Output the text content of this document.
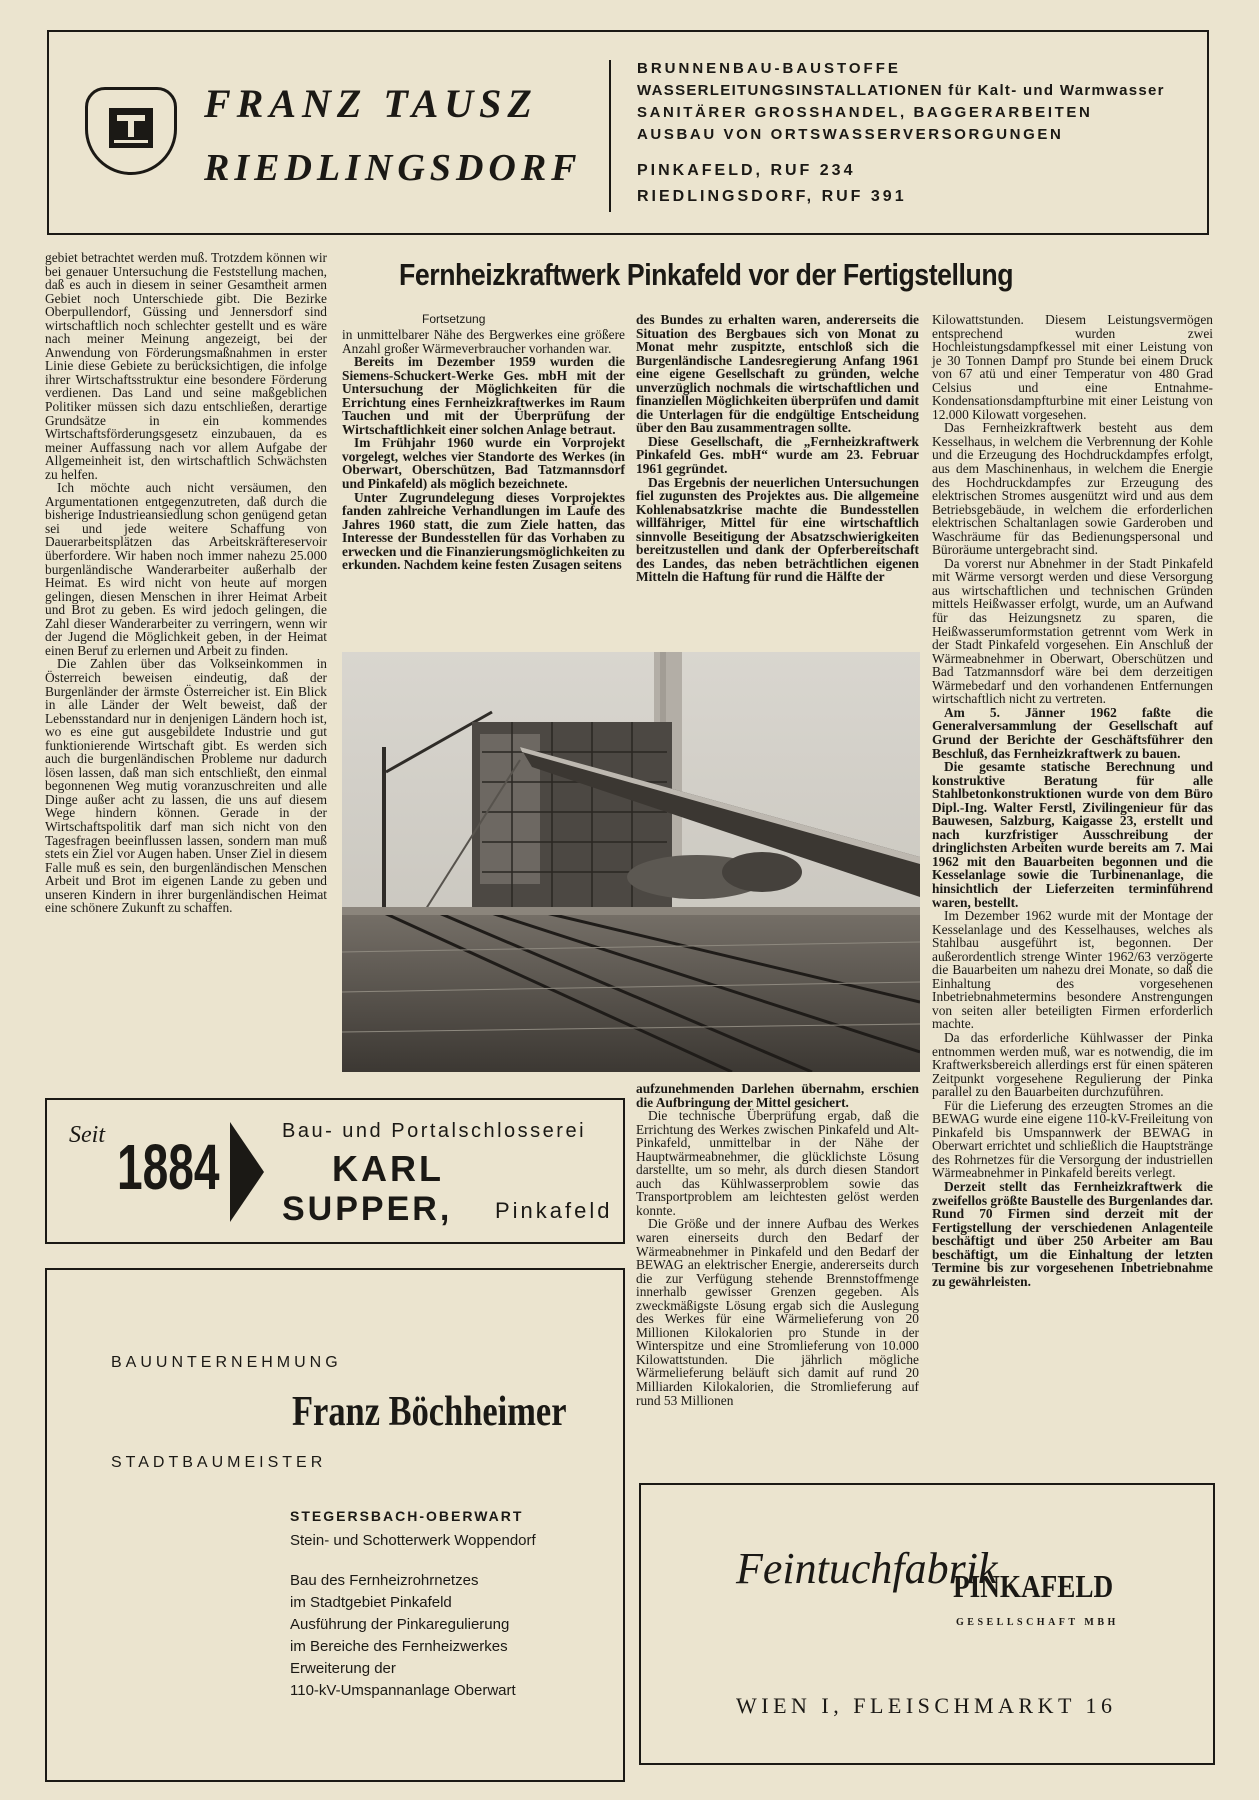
FRANZ TAUSZ
RIEDLINGSDORF
BRUNNENBAU-BAUSTOFFE
WASSERLEITUNGSINSTALLATIONEN für Kalt- und Warmwasser
SANITÄRER GROSSHANDEL, BAGGERARBEITEN
AUSBAU VON ORTSWASSERVERSORGUNGEN
PINKAFELD, RUF 234
RIEDLINGSDORF, RUF 391
Fernheizkraftwerk Pinkafeld vor der Fertigstellung
Fortsetzung

gebiet betrachtet werden muß. Trotzdem können wir bei genauer Untersuchung die Feststellung machen, daß es auch in diesem in seiner Gesamtheit armen Gebiet noch Unterschiede gibt. Die Bezirke Oberpullendorf, Güssing und Jennersdorf sind wirtschaftlich noch schlechter gestellt und es wäre nach meiner Meinung angezeigt, bei der Anwendung von Förderungsmaßnahmen in erster Linie diese Gebiete zu berücksichtigen, die infolge ihrer Wirtschaftsstruktur eine besondere Förderung verdienen. Das Land und seine maßgeblichen Politiker müssen sich dazu entschließen, derartige Grundsätze in ein kommendes Wirtschaftsförderungsgesetz einzubauen, da es meiner Auffassung nach vor allem Aufgabe der Allgemeinheit ist, den wirtschaftlich Schwächsten zu helfen.

Ich möchte auch nicht versäumen, den Argumentationen entgegenzutreten, daß durch die bisherige Industrieansiedlung schon genügend getan sei und jede weitere Schaffung von Dauerarbeitsplätzen das Arbeitskräftereservoir überfordere. Wir haben noch immer nahezu 25.000 burgenländische Wanderarbeiter außerhalb der Heimat. Es wird nicht von heute auf morgen gelingen, diesen Menschen in ihrer Heimat Arbeit und Brot zu geben. Es wird jedoch gelingen, die Zahl dieser Wanderarbeiter zu verringern, wenn wir der Jugend die Möglichkeit geben, in der Heimat einen Beruf zu erlernen und Arbeit zu finden.

Die Zahlen über das Volkseinkommen in Österreich beweisen eindeutig, daß der Burgenländer der ärmste Österreicher ist. Ein Blick in alle Länder der Welt beweist, daß der Lebensstandard nur in denjenigen Ländern hoch ist, wo es eine gut ausgebildete Industrie und gut funktionierende Wirtschaft gibt. Es werden sich auch die burgenländischen Probleme nur dadurch lösen lassen, daß man sich entschließt, den einmal begonnenen Weg mutig voranzuschreiten und alle Dinge außer acht zu lassen, die uns auf diesem Wege hindern können. Gerade in der Wirtschaftspolitik darf man sich nicht von den Tagesfragen beeinflussen lassen, sondern man muß stets ein Ziel vor Augen haben. Unser Ziel in diesem Falle muß es sein, den burgenländischen Menschen Arbeit und Brot im eigenen Lande zu geben und unseren Kindern in ihrer burgenländischen Heimat eine schönere Zukunft zu schaffen.

in unmittelbarer Nähe des Bergwerkes eine größere Anzahl großer Wärmeverbraucher vorhanden war.

Bereits im Dezember 1959 wurden die Siemens-Schuckert-Werke Ges. mbH mit der Untersuchung der Möglichkeiten für die Errichtung eines Fernheizkraftwerkes im Raum Tauchen und mit der Überprüfung der Wirtschaftlichkeit einer solchen Anlage betraut.

Im Frühjahr 1960 wurde ein Vorprojekt vorgelegt, welches vier Standorte des Werkes (in Oberwart, Oberschützen, Bad Tatzmannsdorf und Pinkafeld) als möglich bezeichnete.

Unter Zugrundelegung dieses Vorprojektes fanden zahlreiche Verhandlungen im Laufe des Jahres 1960 statt, die zum Ziele hatten, das Interesse der Bundesstellen für das Vorhaben zu erwecken und die Finanzierungsmöglichkeiten zu erkunden. Nachdem keine festen Zusagen seitens

des Bundes zu erhalten waren, andererseits die Situation des Bergbaues sich von Monat zu Monat mehr zuspitzte, entschloß sich die Burgenländische Landesregierung Anfang 1961 eine eigene Gesellschaft zu gründen, welche unverzüglich nochmals die wirtschaftlichen und finanziellen Möglichkeiten überprüfen und damit die Unterlagen für die endgültige Entscheidung über den Bau zusammentragen sollte.

Diese Gesellschaft, die „Fernheizkraftwerk Pinkafeld Ges. mbH“ wurde am 23. Februar 1961 gegründet.

Das Ergebnis der neuerlichen Untersuchungen fiel zugunsten des Projektes aus. Die allgemeine Kohlenabsatzkrise machte die Bundesstellen willfähriger, Mittel für eine wirtschaftlich sinnvolle Beseitigung der Absatzschwierigkeiten bereitzustellen und dank der Opferbereitschaft des Landes, das neben beträchtlichen eigenen Mitteln die Haftung für rund die Hälfte der

aufzunehmenden Darlehen übernahm, erschien die Aufbringung der Mittel gesichert.

Die technische Überprüfung ergab, daß die Errichtung des Werkes zwischen Pinkafeld und Alt-Pinkafeld, unmittelbar in der Nähe der Hauptwärmeabnehmer, die glücklichste Lösung darstellte, um so mehr, als durch diesen Standort auch das Kühlwasserproblem sowie das Transportproblem am leichtesten gelöst werden konnte.

Die Größe und der innere Aufbau des Werkes waren einerseits durch den Bedarf der Wärmeabnehmer in Pinkafeld und den Bedarf der BEWAG an elektrischer Energie, andererseits durch die zur Verfügung stehende Brennstoffmenge innerhalb gewisser Grenzen gegeben. Als zweckmäßigste Lösung ergab sich die Auslegung des Werkes für eine Wärmelieferung von 20 Millionen Kilokalorien pro Stunde in der Winterspitze und eine Stromlieferung von 10.000 Kilowattstunden. Die jährlich mögliche Wärmelieferung beläuft sich damit auf rund 20 Milliarden Kilokalorien, die Stromlieferung auf rund 53 Millionen

Kilowattstunden. Diesem Leistungsvermögen entsprechend wurden zwei Hochleistungsdampfkessel mit einer Leistung von je 30 Tonnen Dampf pro Stunde bei einem Druck von 67 atü und einer Temperatur von 480 Grad Celsius und eine Entnahme-Kondensationsdampfturbine mit einer Leistung von 12.000 Kilowatt vorgesehen.

Das Fernheizkraftwerk besteht aus dem Kesselhaus, in welchem die Verbrennung der Kohle und die Erzeugung des Hochdruckdampfes erfolgt, aus dem Maschinenhaus, in welchem die Energie des Hochdruckdampfes zur Erzeugung des elektrischen Stromes ausgenützt wird und aus dem Betriebsgebäude, in welchem die erforderlichen elektrischen Schaltanlagen sowie Garderoben und Waschräume für das Bedienungspersonal und Büroräume untergebracht sind.

Da vorerst nur Abnehmer in der Stadt Pinkafeld mit Wärme versorgt werden und diese Versorgung aus wirtschaftlichen und technischen Gründen mittels Heißwasser erfolgt, wurde, um an Aufwand für das Heizungsnetz zu sparen, die Heißwasserumformstation getrennt vom Werk in der Stadt Pinkafeld vorgesehen. Ein Anschluß der Wärmeabnehmer in Oberwart, Oberschützen und Bad Tatzmannsdorf wäre bei dem derzeitigen Wärmebedarf und den vorhandenen Entfernungen wirtschaftlich nicht zu vertreten.

Am 5. Jänner 1962 faßte die Generalversammlung der Gesellschaft auf Grund der Berichte der Geschäftsführer den Beschluß, das Fernheizkraftwerk zu bauen.

Die gesamte statische Berechnung und konstruktive Beratung für alle Stahlbetonkonstruktionen wurde von dem Büro Dipl.-Ing. Walter Ferstl, Zivilingenieur für das Bauwesen, Salzburg, Kaigasse 23, erstellt und nach kurzfristiger Ausschreibung der dringlichsten Arbeiten wurde bereits am 7. Mai 1962 mit den Bauarbeiten begonnen und die Kesselanlage sowie die Turbinenanlage, die hinsichtlich der Lieferzeiten terminführend waren, bestellt.

Im Dezember 1962 wurde mit der Montage der Kesselanlage und des Kesselhauses, welches als Stahlbau ausgeführt ist, begonnen. Der außerordentlich strenge Winter 1962/63 verzögerte die Bauarbeiten um nahezu drei Monate, so daß die Einhaltung des vorgesehenen Inbetriebnahmetermins besondere Anstrengungen von seiten aller beteiligten Firmen erforderlich machte.

Da das erforderliche Kühlwasser der Pinka entnommen werden muß, war es notwendig, die im Kraftwerksbereich allerdings erst für einen späteren Zeitpunkt vorgesehene Regulierung der Pinka parallel zu den Bauarbeiten durchzuführen.

Für die Lieferung des erzeugten Stromes an die BEWAG wurde eine eigene 110-kV-Freileitung von Pinkafeld bis Umspannwerk der BEWAG in Oberwart errichtet und schließlich die Hauptstränge des Rohrnetzes für die Versorgung der industriellen Wärmeabnehmer in Pinkafeld bereits verlegt.

Derzeit stellt das Fernheizkraftwerk die zweifellos größte Baustelle des Burgenlandes dar. Rund 70 Firmen sind derzeit mit der Fertigstellung der verschiedenen Anlagenteile beschäftigt und über 250 Arbeiter am Bau beschäftigt, um die Einhaltung der letzten Termine bis zur vorgesehenen Inbetriebnahme zu gewährleisten.

Seit 1884	Bau- und Portalschlosserei
KARL
SUPPER, Pinkafeld
BAUUNTERNEHMUNG
Franz Böchheimer
STADTBAUMEISTER
STEGERSBACH-OBERWART
Stein- und Schotterwerk Woppendorf
Bau des Fernheizrohrnetzes
im Stadtgebiet Pinkafeld
Ausführung der Pinkaregulierung
im Bereiche des Fernheizwerkes
Erweiterung der
110-kV-Umspannanlage Oberwart
Feintuchfabrik
PINKAFELD
GESELLSCHAFT MBH
WIEN I, FLEISCHMARKT 16
